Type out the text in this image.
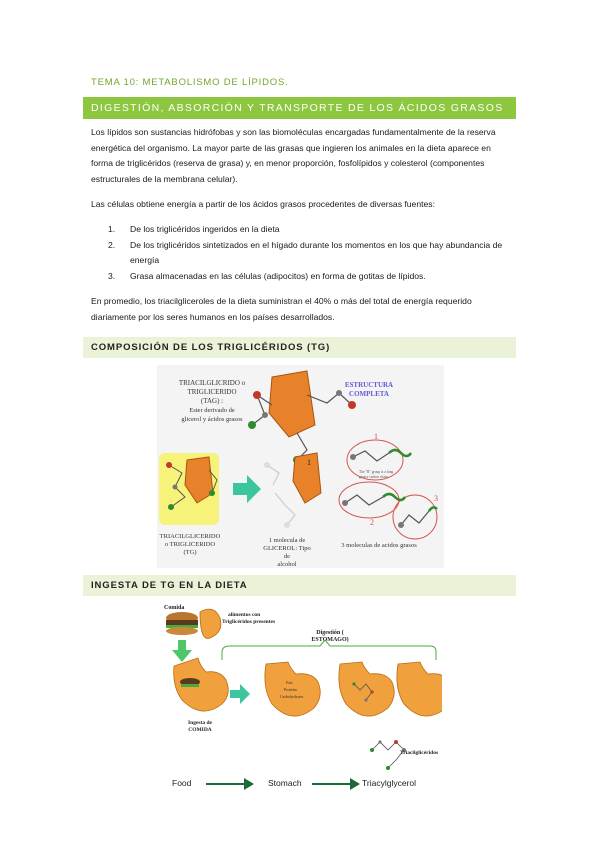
TEMA 10: METABOLISMO DE LÍPIDOS.
DIGESTIÓN, ABSORCIÓN Y TRANSPORTE DE LOS ÁCIDOS GRASOS

Los lípidos son sustancias hidrófobas y son las biomoléculas encargadas fundamentalmente de la reserva energética del organismo. La mayor parte de las grasas que ingieren los animales en la dieta aparece en forma de triglicéridos (reserva de grasa) y, en menor proporción, fosfolípidos y colesterol (componentes estructurales de la membrana celular).

Las células obtiene energía a partir de los ácidos grasos procedentes de diversas fuentes:

1. De los triglicéridos ingeridos en la dieta
2. De los triglicéridos sintetizados en el hígado durante los momentos en los que hay abundancia de energía
3. Grasa almacenadas en las células (adipocitos) en forma de gotitas de lípidos.

En promedio, los triacilgliceroles de la dieta suministran el 40% o más del total de energía requerido diariamente por los seres humanos en los países desarrollados.

COMPOSICIÓN DE LOS TRIGLICÉRIDOS (TG)
TRIACILGLICRIDO o
TRIGLICERIDO
(TAG) :
Ester derivado de
glicerol y ácidos grasos
ESTRUCTURA
COMPLETA
TRIACILGLICERIDO
o TRIGLICERIDO
(TG)
1
1 molecula de
GLICEROL: Tipo
de
alcohol
1
2
3
The "R" group is a long
greasy carbon chain
3 moleculas de acidos grasos
INGESTA DE TG EN LA DIETA
Comida
alimentos con
Triglicéridos presentes
Digestión (
ESTOMAGO)
Ingesta de
COMIDA
Fats
Proteins
Carbohydrates
Triacilglicéridos
Food	Stomach	Triacylglycerol
